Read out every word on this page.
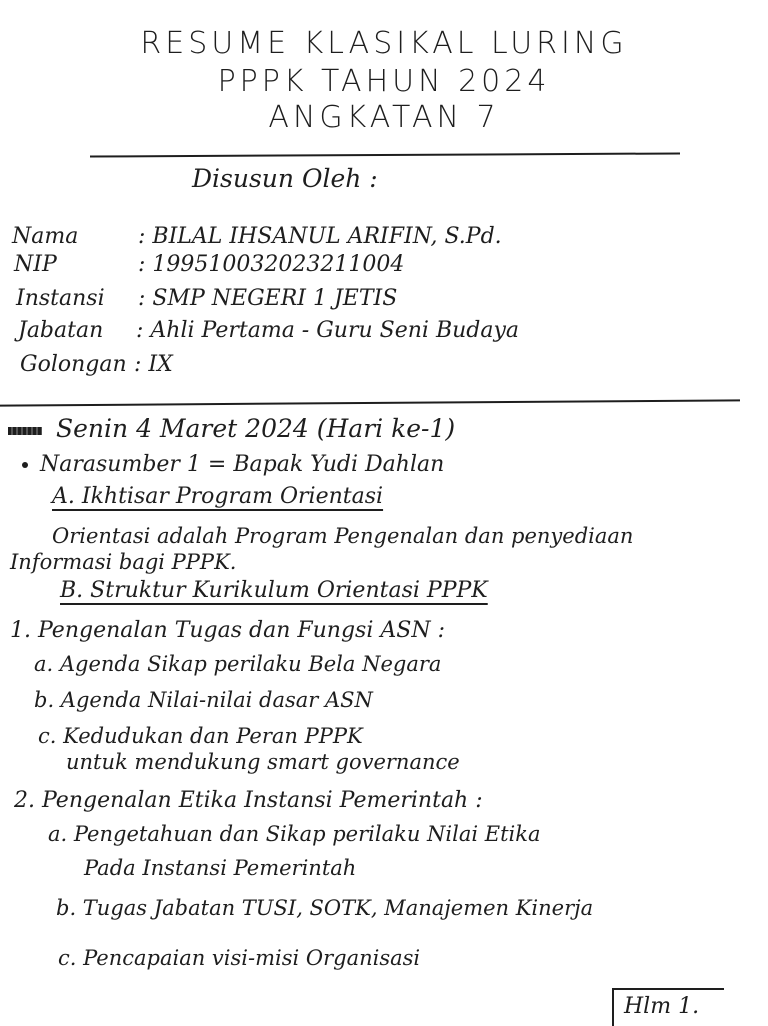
RESUME KLASIKAL LURING
PPPK TAHUN 2024
ANGKATAN 7
Disusun Oleh :
Nama	: BILAL IHSANUL ARIFIN, S.Pd.
NIP	: 199510032023211004
Instansi : SMP NEGERI 1 JETIS
Jabatan : Ahli Pertama - Guru Seni Budaya
Golongan : IX
Senin 4 Maret 2024 (Hari ke-1)
Narasumber 1 = Bapak Yudi Dahlan
A. Ikhtisar Program Orientasi
Orientasi adalah Program Pengenalan dan penyediaan
Informasi bagi PPPK.
B. Struktur Kurikulum Orientasi PPPK
1. Pengenalan Tugas dan Fungsi ASN :
a. Agenda Sikap perilaku Bela Negara
b. Agenda Nilai-nilai dasar ASN
c. Kedudukan dan Peran PPPK
untuk mendukung smart governance
2. Pengenalan Etika Instansi Pemerintah :
a. Pengetahuan dan Sikap perilaku Nilai Etika
Pada Instansi Pemerintah
b. Tugas Jabatan TUSI, SOTK, Manajemen Kinerja
c. Pencapaian visi-misi Organisasi
Hlm 1.
